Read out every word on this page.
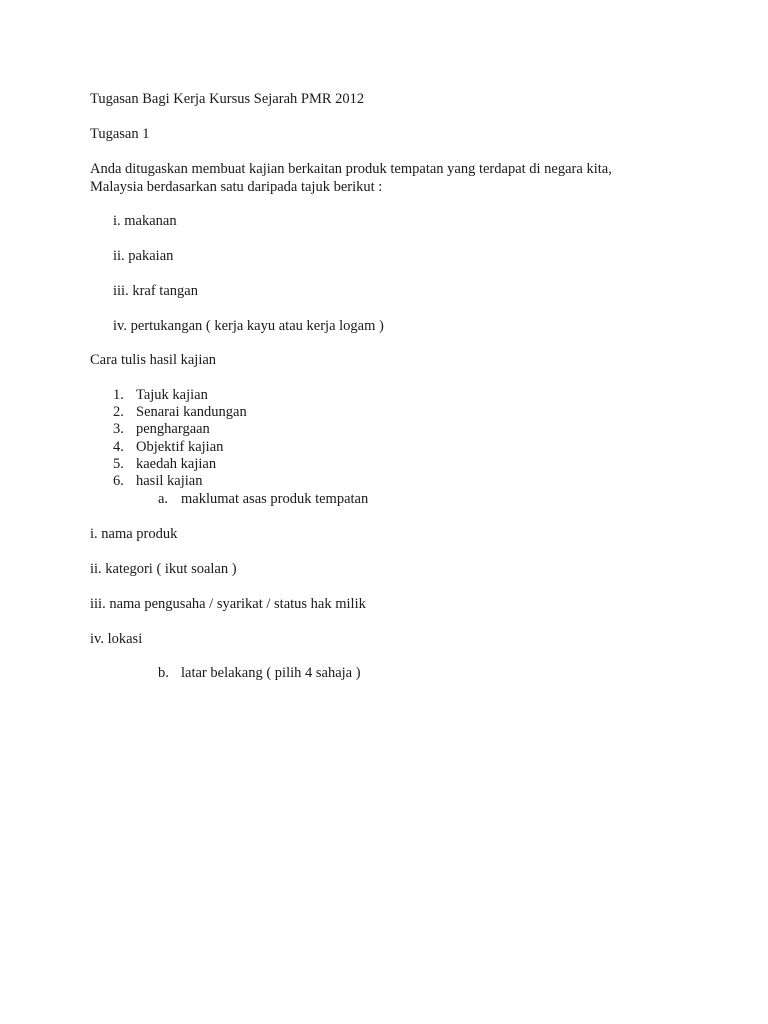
Tugasan Bagi Kerja Kursus Sejarah PMR 2012
Tugasan 1
Anda ditugaskan membuat kajian berkaitan produk tempatan yang terdapat di negara kita,
Malaysia berdasarkan satu daripada tajuk berikut :
i. makanan
ii. pakaian
iii. kraf tangan
iv. pertukangan ( kerja kayu atau kerja logam )
Cara tulis hasil kajian
1. Tajuk kajian
2. Senarai kandungan
3. penghargaan
4. Objektif kajian
5. kaedah kajian
6. hasil kajian
a. maklumat asas produk tempatan
i. nama produk
ii. kategori ( ikut soalan )
iii. nama pengusaha / syarikat / status hak milik
iv. lokasi
b. latar belakang ( pilih 4 sahaja )
